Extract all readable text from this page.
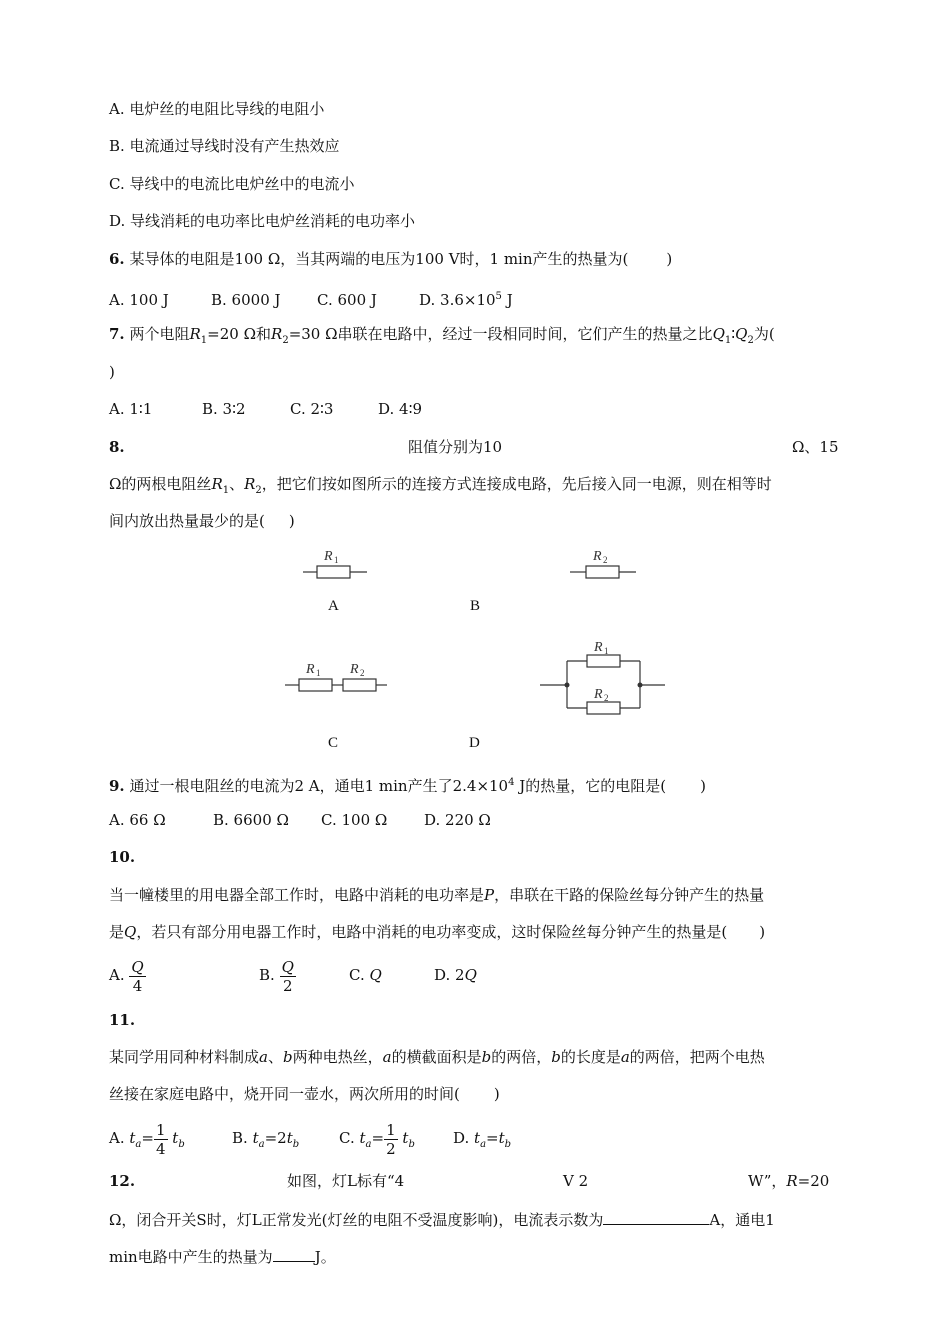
A. 电炉丝的电阻比导线的电阻小
B. 电流通过导线时没有产生热效应
C. 导线中的电流比电炉丝中的电流小
D. 导线消耗的电功率比电炉丝消耗的电功率小
6. 某导体的电阻是100 Ω，当其两端的电压为100 V时，1 min产生的热量为(	)
A. 100 J	B. 6000 J C. 600 J	D. $3.6\times 10^5$ J
7. 两个电阻$R_1=20$ Ω和$R_2=30$ Ω串联在电路中，经过一段相同时间，它们产生的热量之比$Q_1∶Q_2$为(
)
A. 1∶1	B. 3∶2	C. 2∶3	D. 4∶9
8.	阻值分别为10	Ω、15
Ω的两根电阻丝$R_1$、$R_2$，把它们按如图所示的连接方式连接成电路，先后接入同一电源，则在相等时
间内放出热量最少的是( )
R 1	R 2
R 1 R 2
R 1
R 2
A	B
C	D
9. 通过一根电阻丝的电流为2 A，通电1 min产生了$2.4\times 10^4$ J的热量，它的电阻是( )
A. 66 Ω	B. 6600 Ω C. 100 Ω D. 220 Ω
10.
当一幢楼里的用电器全部工作时，电路中消耗的电功率是P，串联在干路的保险丝每分钟产生的热量
是Q，若只有部分用电器工作时，电路中消耗的电功率变成，这时保险丝每分钟产生的热量是( )
A. $\frac{Q}{4}$	B. $\frac{Q}{2}$	C. Q	D. 2Q
11.
某同学用同种材料制成a、b两种电热丝，a的横截面积是b的两倍，b的长度是a的两倍，把两个电热
丝接在家庭电路中，烧开同一壶水，两次所用的时间( )
A. $t_a= \frac{1}{4} t_b$	B. $t_a=2t_b$	C. $t_a= \frac{1}{2} t_b$	D. $t_a=t_b$
12.	如图，灯L标有“4	V 2	W”，R=20
Ω，闭合开关S时，灯L正常发光(灯丝的电阻不受温度影响)，电流表示数为	A，通电1
min电路中产生的热量为	J。
